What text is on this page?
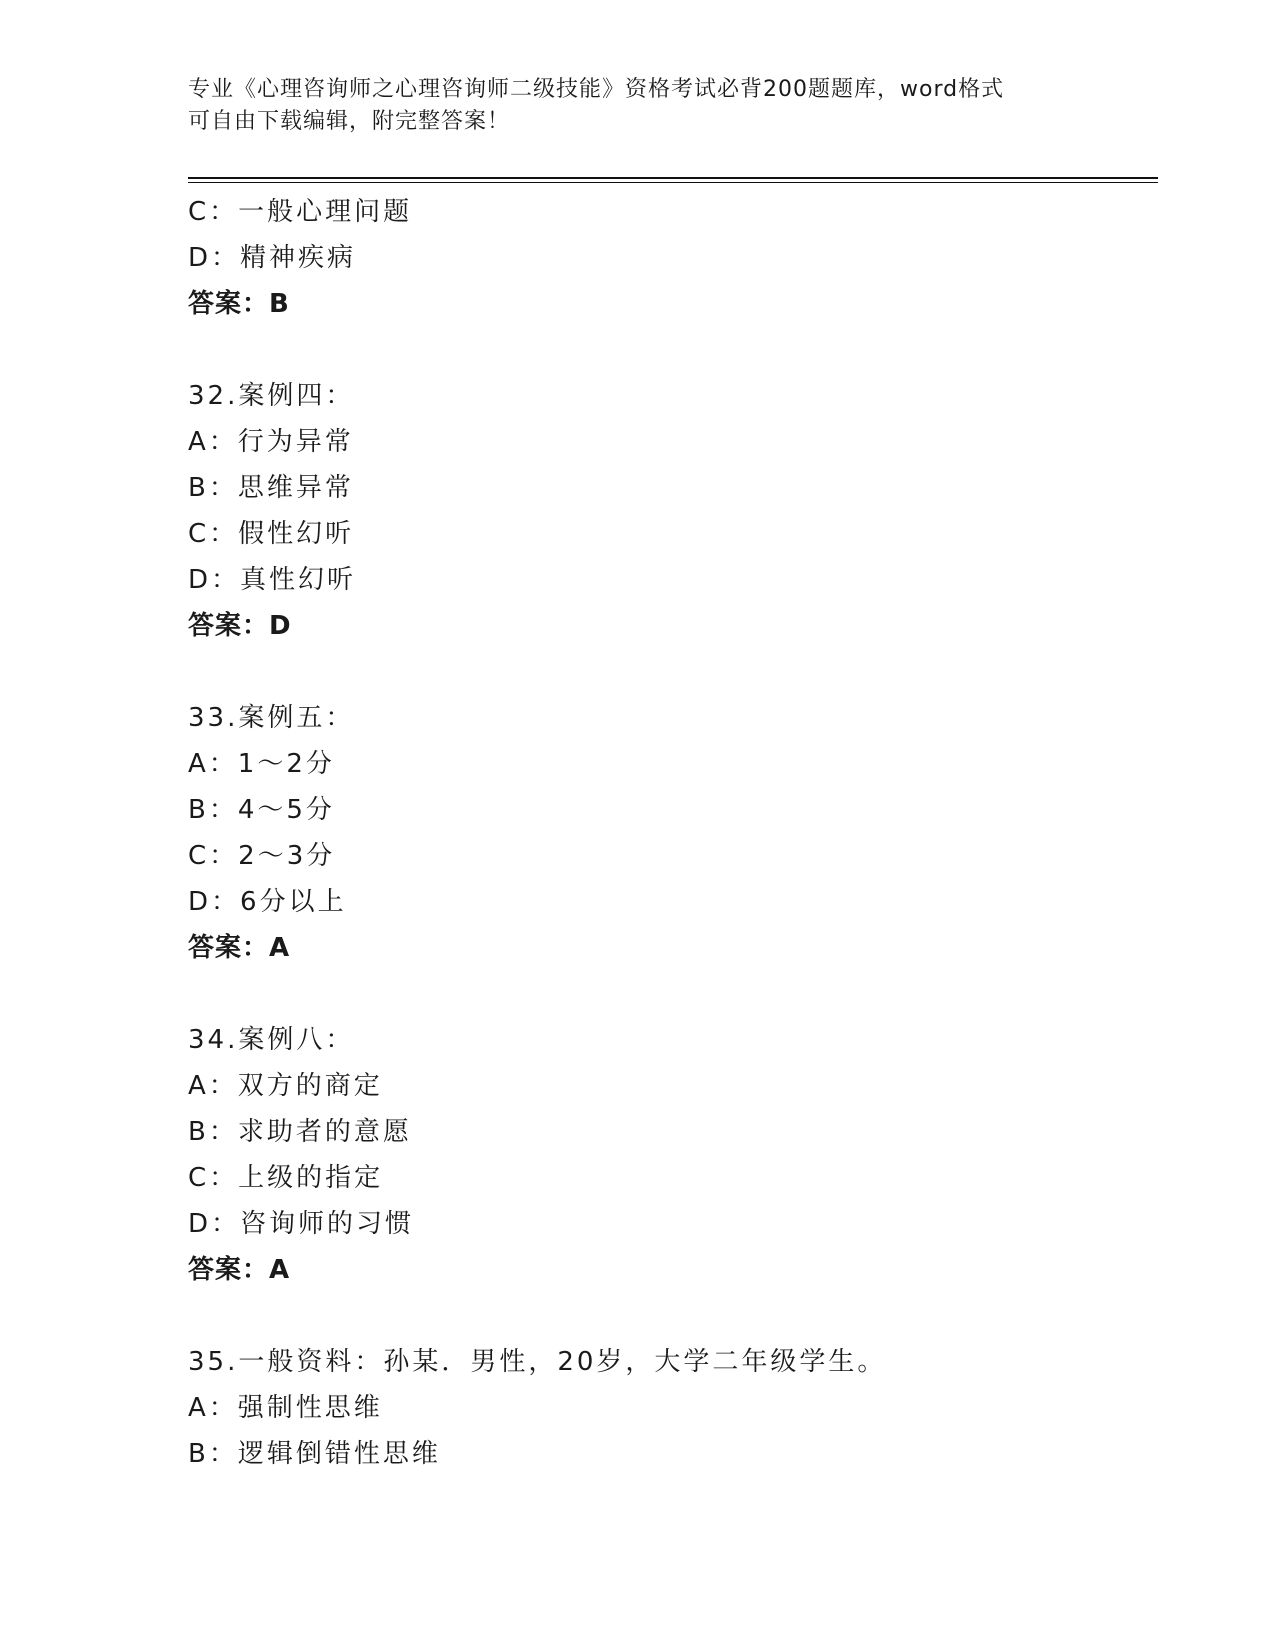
专业《心理咨询师之心理咨询师二级技能》资格考试必背200题题库，word格式
可自由下载编辑，附完整答案！
C：一般心理问题
D：精神疾病
答案：B
32.案例四：
A：行为异常
B：思维异常
C：假性幻听
D：真性幻听
答案：D
33.案例五：
A：1～2分
B：4～5分
C：2～3分
D：6分以上
答案：A
34.案例八：
A：双方的商定
B：求助者的意愿
C：上级的指定
D：咨询师的习惯
答案：A
35.一般资料：孙某．男性，20岁，大学二年级学生。
A：强制性思维
B：逻辑倒错性思维
